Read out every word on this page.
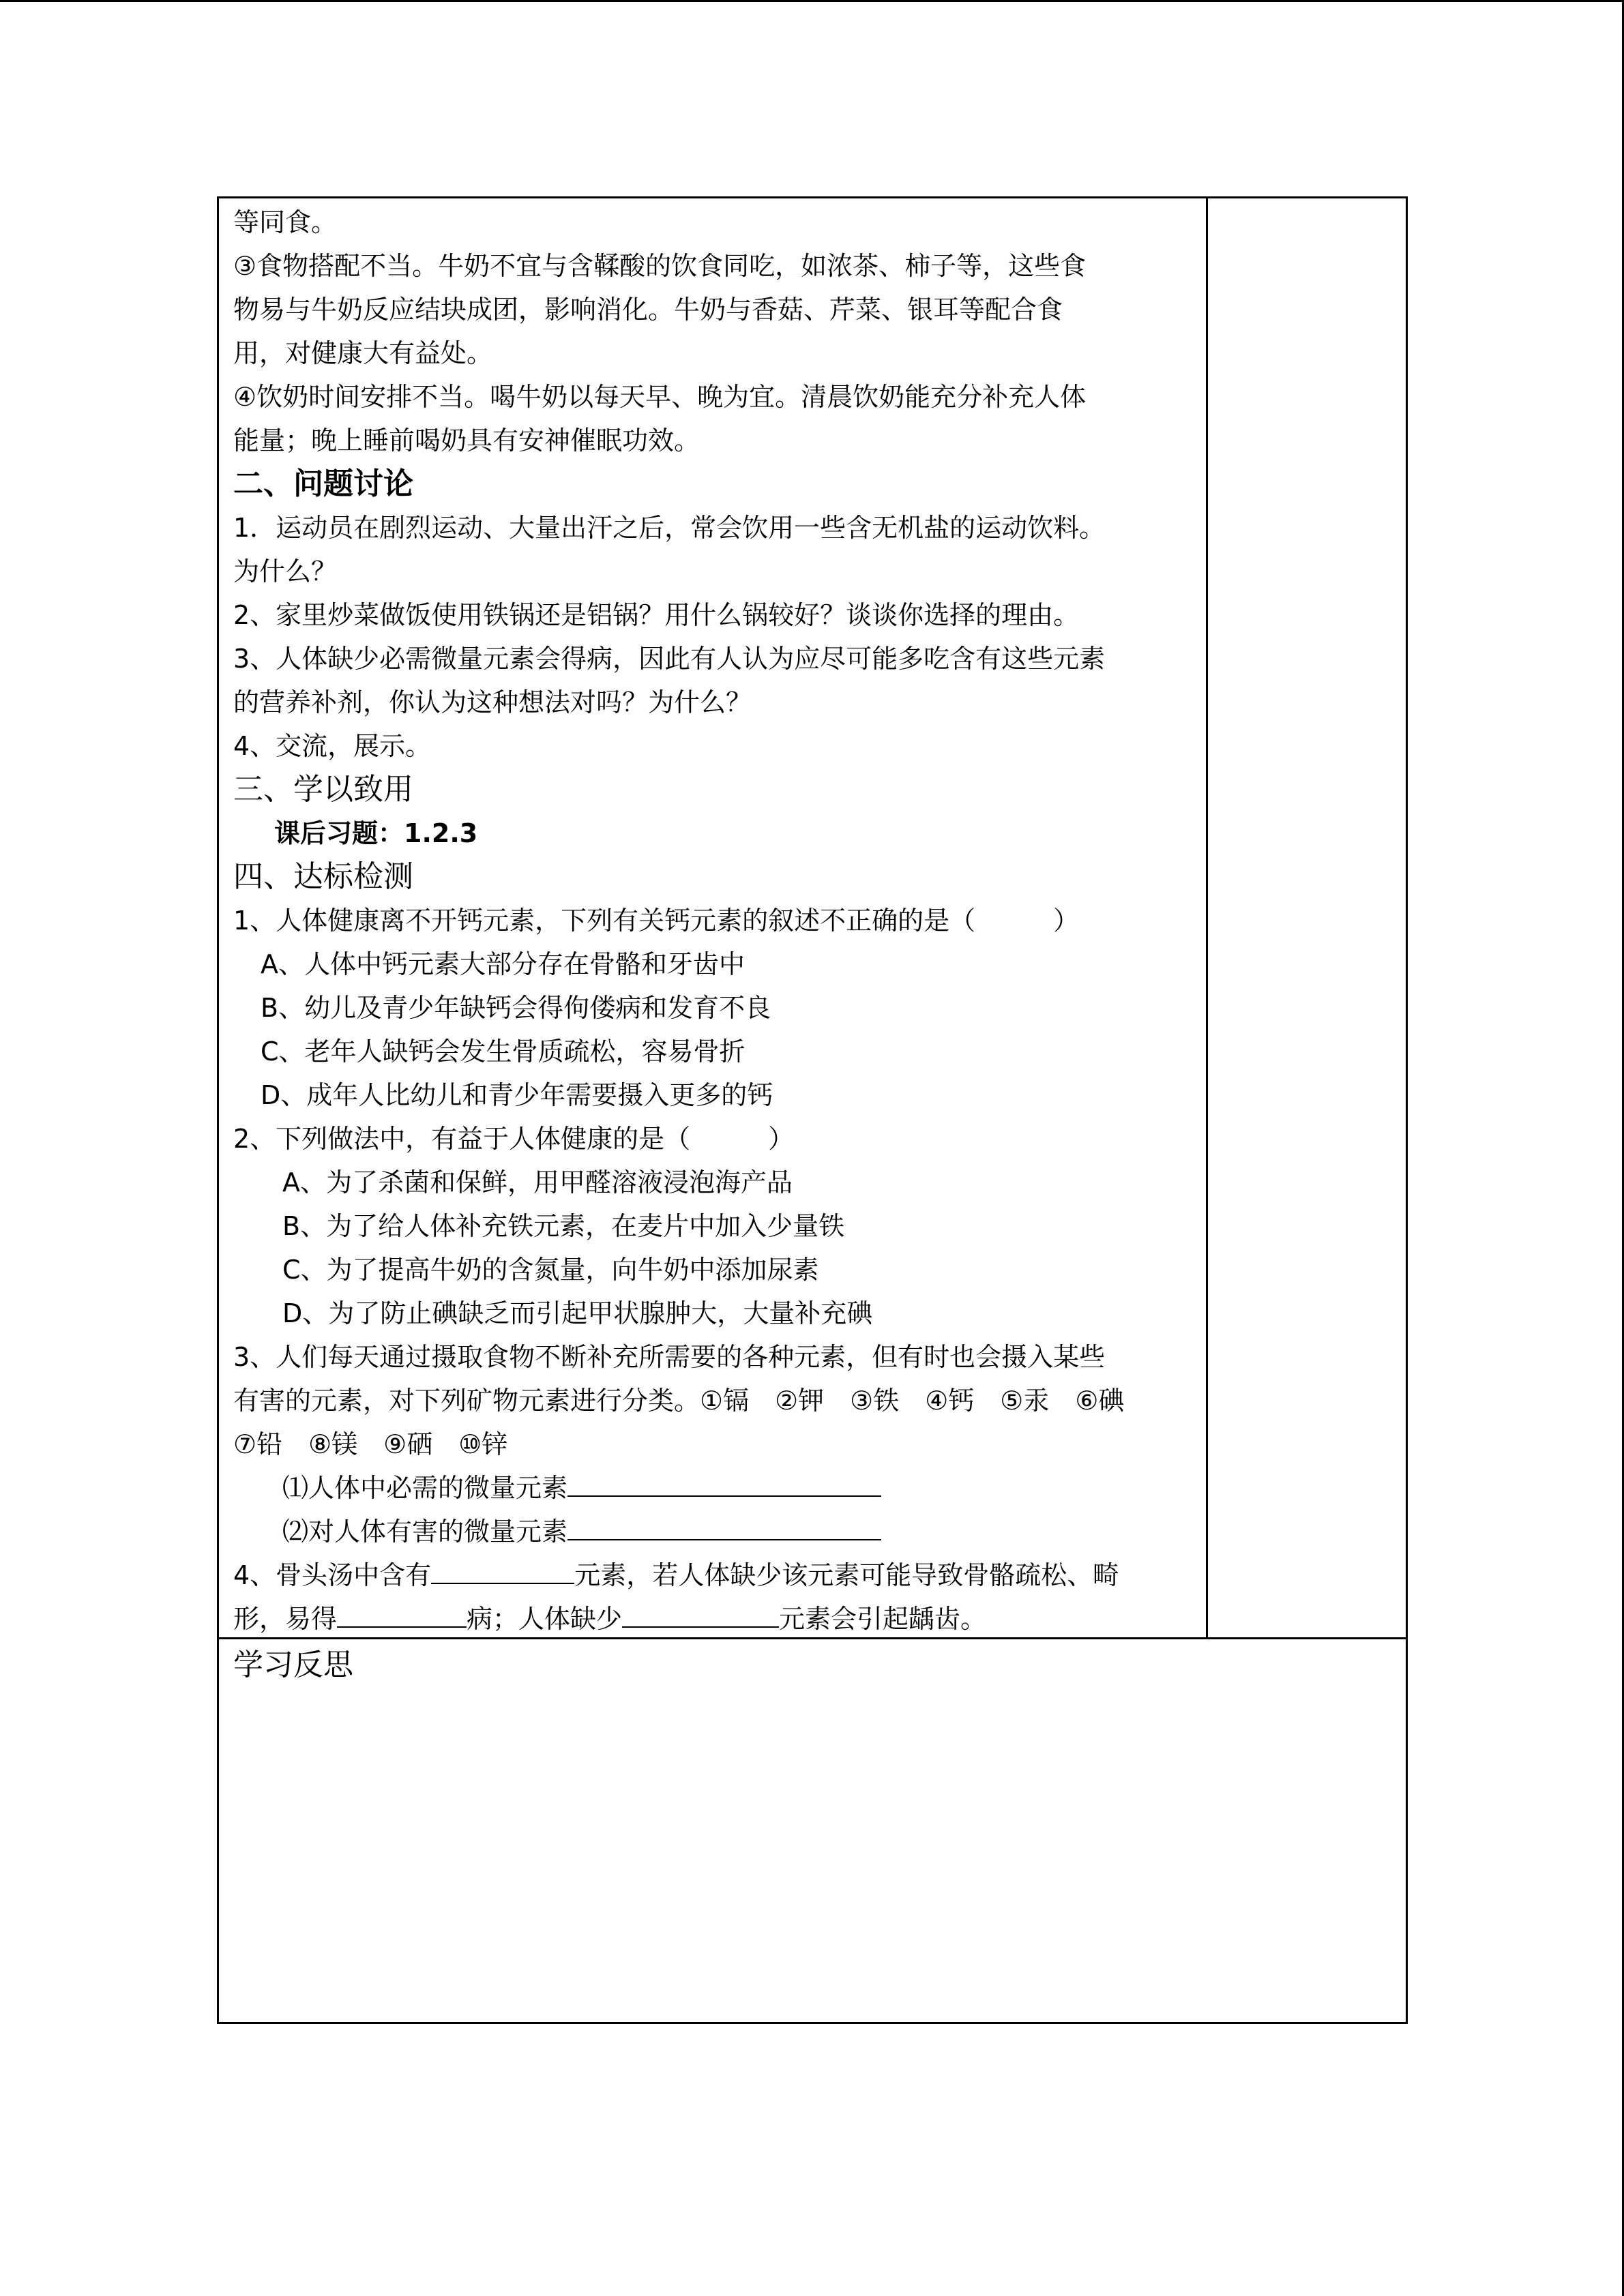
等同食。
③食物搭配不当。牛奶不宜与含鞣酸的饮食同吃，如浓茶、柿子等，这些食
物易与牛奶反应结块成团，影响消化。牛奶与香菇、芹菜、银耳等配合食
用，对健康大有益处。
④饮奶时间安排不当。喝牛奶以每天早、晚为宜。清晨饮奶能充分补充人体
能量；晚上睡前喝奶具有安神催眠功效。
二、问题讨论
1．运动员在剧烈运动、大量出汗之后，常会饮用一些含无机盐的运动饮料。
为什么？
2、家里炒菜做饭使用铁锅还是铝锅？用什么锅较好？谈谈你选择的理由。
3、人体缺少必需微量元素会得病，因此有人认为应尽可能多吃含有这些元素
的营养补剂，你认为这种想法对吗？为什么？
4、交流，展示。
三、学以致用
课后习题：1.2.3
四、达标检测
1、人体健康离不开钙元素，下列有关钙元素的叙述不正确的是（　　　）
A、人体中钙元素大部分存在骨骼和牙齿中
B、幼儿及青少年缺钙会得佝偻病和发育不良
C、老年人缺钙会发生骨质疏松，容易骨折
D、成年人比幼儿和青少年需要摄入更多的钙
2、下列做法中，有益于人体健康的是（　　　）
A、为了杀菌和保鲜，用甲醛溶液浸泡海产品
B、为了给人体补充铁元素，在麦片中加入少量铁
C、为了提高牛奶的含氮量，向牛奶中添加尿素
D、为了防止碘缺乏而引起甲状腺肿大，大量补充碘
3、人们每天通过摄取食物不断补充所需要的各种元素，但有时也会摄入某些
有害的元素，对下列矿物元素进行分类。①镉　②钾　③铁　④钙　⑤汞　⑥碘
⑦铅　⑧镁　⑨硒　⑩锌
⑴人体中必需的微量元素
⑵对人体有害的微量元素
4、骨头汤中含有	元素，若人体缺少该元素可能导致骨骼疏松、畸
形，易得	病；人体缺少	元素会引起龋齿。
学习反思
